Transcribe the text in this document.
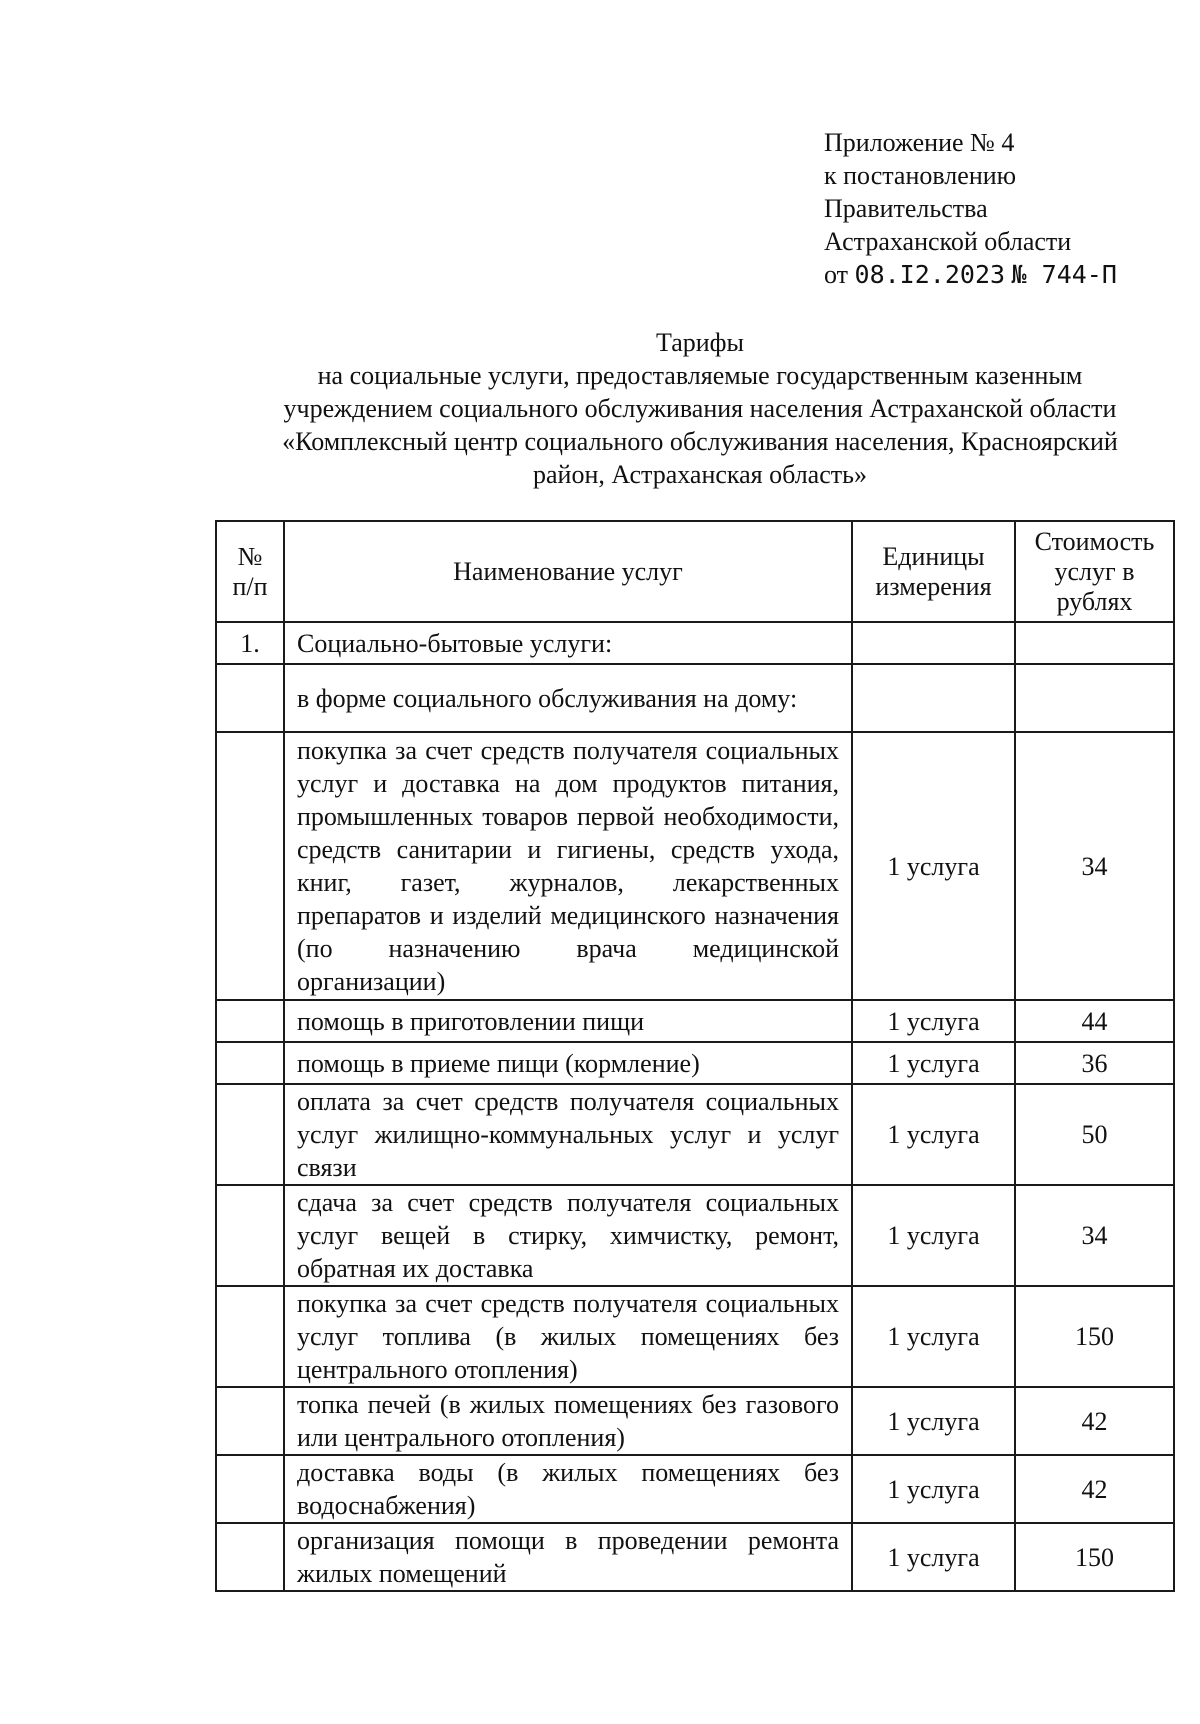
Приложение № 4
к постановлению
Правительства
Астраханской области
от 08.I2.2023 № 744-П
Тарифы
на социальные услуги, предоставляемые государственным казенным
учреждением социального обслуживания населения Астраханской области
«Комплексный центр социального обслуживания населения, Красноярский
район, Астраханская область»
№ п/п	Наименование услуг	Единицы измерения	Стоимость услуг в рублях
1.	Социально-бытовые услуги:		
	в форме социального обслуживания на дому:		
	покупка за счет средств получателя социальных услуг и доставка на дом продуктов питания, промышленных товаров первой необходимости, средств санитарии и гигиены, средств ухода, книг, газет, журналов, лекарственных препаратов и изделий медицинского назначения (по назначению врача медицинской организации)	1 услуга	34
	помощь в приготовлении пищи	1 услуга	44
	помощь в приеме пищи (кормление)	1 услуга	36
	оплата за счет средств получателя социальных услуг жилищно-коммунальных услуг и услуг связи	1 услуга	50
	сдача за счет средств получателя социальных услуг вещей в стирку, химчистку, ремонт, обратная их доставка	1 услуга	34
	покупка за счет средств получателя социальных услуг топлива (в жилых помещениях без центрального отопления)	1 услуга	150
	топка печей (в жилых помещениях без газового или центрального отопления)	1 услуга	42
	доставка воды (в жилых помещениях без водоснабжения)	1 услуга	42
	организация помощи в проведении ремонта жилых помещений	1 услуга	150
